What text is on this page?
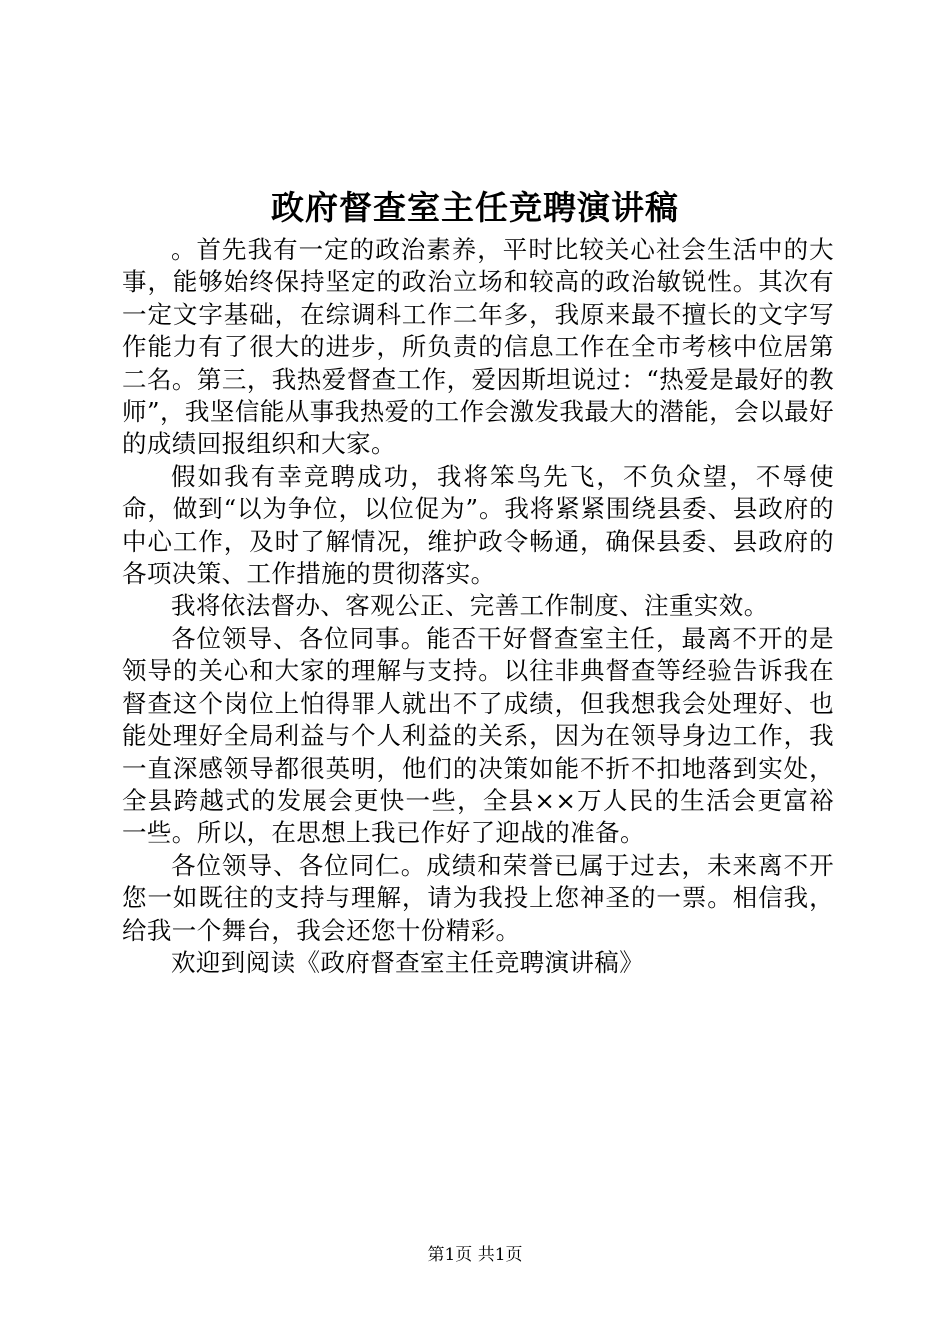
政府督查室主任竞聘演讲稿

。首先我有一定的政治素养，平时比较关心社会生活中的大事，能够始终保持坚定的政治立场和较高的政治敏锐性。其次有一定文字基础，在综调科工作二年多，我原来最不擅长的文字写作能力有了很大的进步，所负责的信息工作在全市考核中位居第二名。第三，我热爱督查工作，爱因斯坦说过：“热爱是最好的教师”，我坚信能从事我热爱的工作会激发我最大的潜能，会以最好的成绩回报组织和大家。

假如我有幸竞聘成功，我将笨鸟先飞，不负众望，不辱使命，做到“以为争位，以位促为”。我将紧紧围绕县委、县政府的中心工作，及时了解情况，维护政令畅通，确保县委、县政府的各项决策、工作措施的贯彻落实。

我将依法督办、客观公正、完善工作制度、注重实效。

各位领导、各位同事。能否干好督查室主任，最离不开的是领导的关心和大家的理解与支持。以往非典督查等经验告诉我在督查这个岗位上怕得罪人就出不了成绩，但我想我会处理好、也能处理好全局利益与个人利益的关系，因为在领导身边工作，我一直深感领导都很英明，他们的决策如能不折不扣地落到实处，全县跨越式的发展会更快一些，全县××万人民的生活会更富裕一些。所以，在思想上我已作好了迎战的准备。

各位领导、各位同仁。成绩和荣誉已属于过去，未来离不开您一如既往的支持与理解，请为我投上您神圣的一票。相信我，给我一个舞台，我会还您十份精彩。

欢迎到阅读《政府督查室主任竞聘演讲稿》

第1页 共1页
